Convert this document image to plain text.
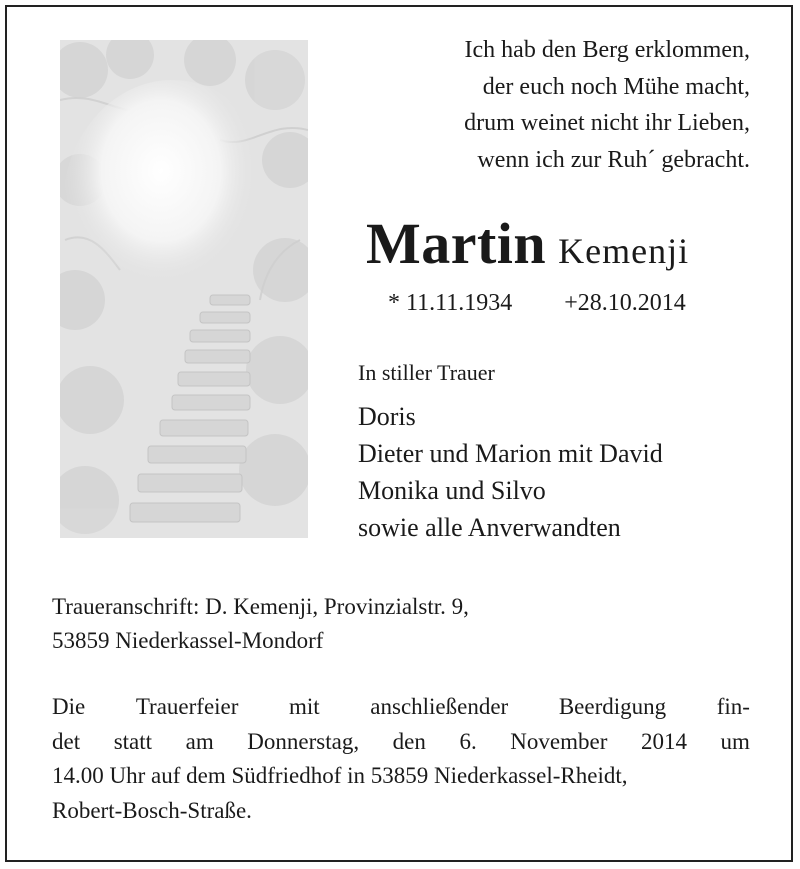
Ich hab den Berg erklommen,
der euch noch Mühe macht,
drum weinet nicht ihr Lieben,
wenn ich zur Ruh´ gebracht.
Martin Kemenji
* 11.11.1934 +28.10.2014
In stiller Trauer
Doris
Dieter und Marion mit David
Monika und Silvo
sowie alle Anverwandten
Traueranschrift: D. Kemenji, Provinzialstr. 9,
53859 Niederkassel-Mondorf
Die Trauerfeier mit anschließender Beerdigung fin-
det statt am Donnerstag, den 6. November 2014 um
14.00 Uhr auf dem Südfriedhof in 53859 Niederkassel-Rheidt,
Robert-Bosch-Straße.
